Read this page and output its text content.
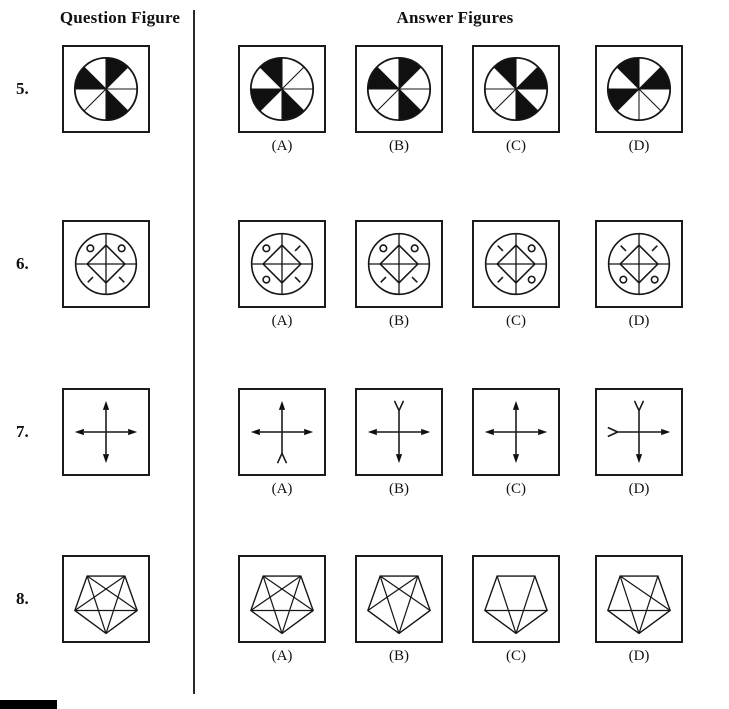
Question Figure	Answer Figures
5.
(A)	(B)	(C)	(D)
6.
(A)	(B)	(C)	(D)
7.
(A)	(B)	(C)	(D)
8.
(A)	(B)	(C)	(D)
